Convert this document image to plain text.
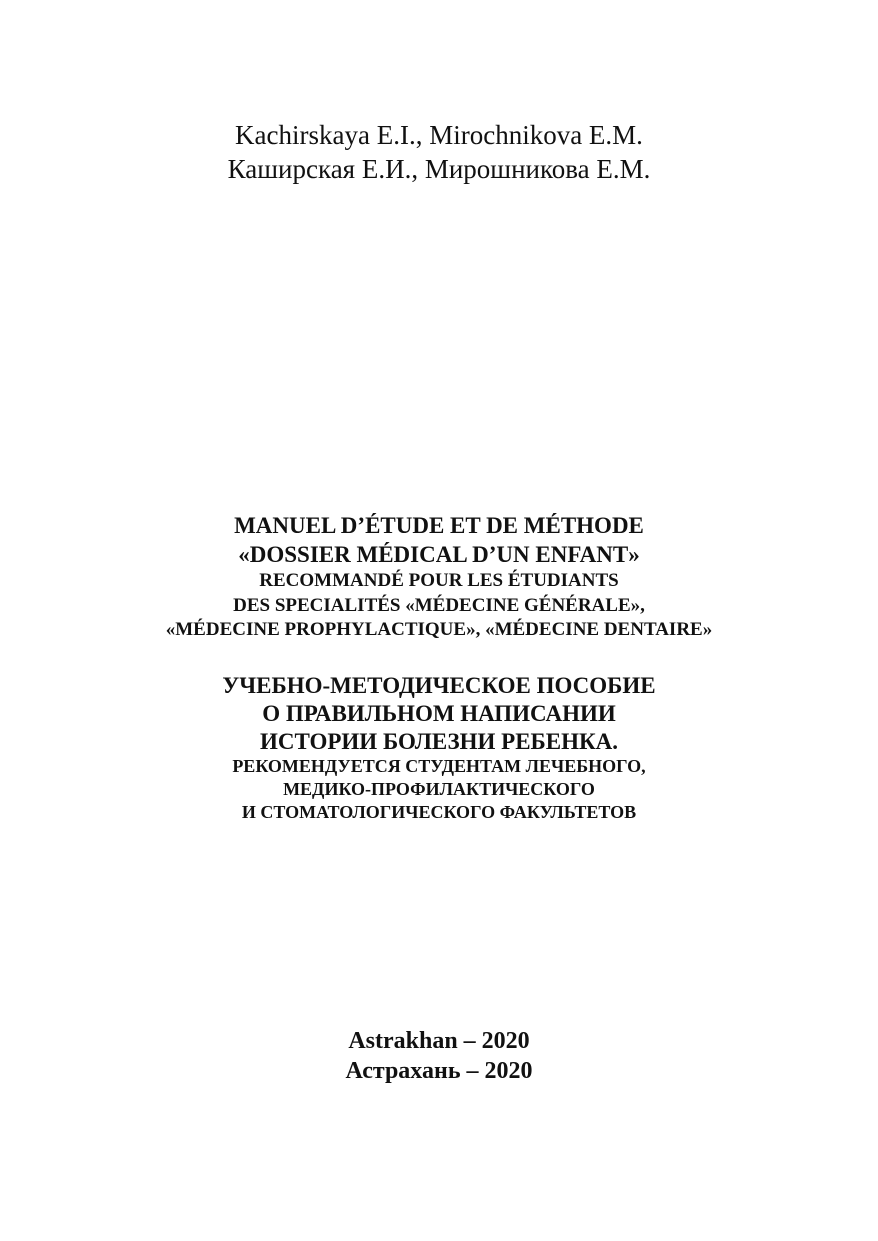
Kachirskaya E.I., Mirochnikova E.M.
Каширская Е.И., Мирошникова Е.М.
MANUEL D’ÉTUDE ET DE MÉTHODE
«DOSSIER MÉDICAL D’UN ENFANT»
RECOMMANDÉ POUR LES ÉTUDIANTS
DES SPECIALITÉS «MÉDECINE GÉNÉRALE»,
«MÉDECINE PROPHYLACTIQUE», «MÉDECINE DENTAIRE»
УЧЕБНО-МЕТОДИЧЕСКОЕ ПОСОБИЕ
О ПРАВИЛЬНОМ НАПИСАНИИ
ИСТОРИИ БОЛЕЗНИ РЕБЕНКА.
РЕКОМЕНДУЕТСЯ СТУДЕНТАМ ЛЕЧЕБНОГО,
МЕДИКО-ПРОФИЛАКТИЧЕСКОГО
И СТОМАТОЛОГИЧЕСКОГО ФАКУЛЬТЕТОВ
Astrakhan – 2020
Астрахань – 2020
